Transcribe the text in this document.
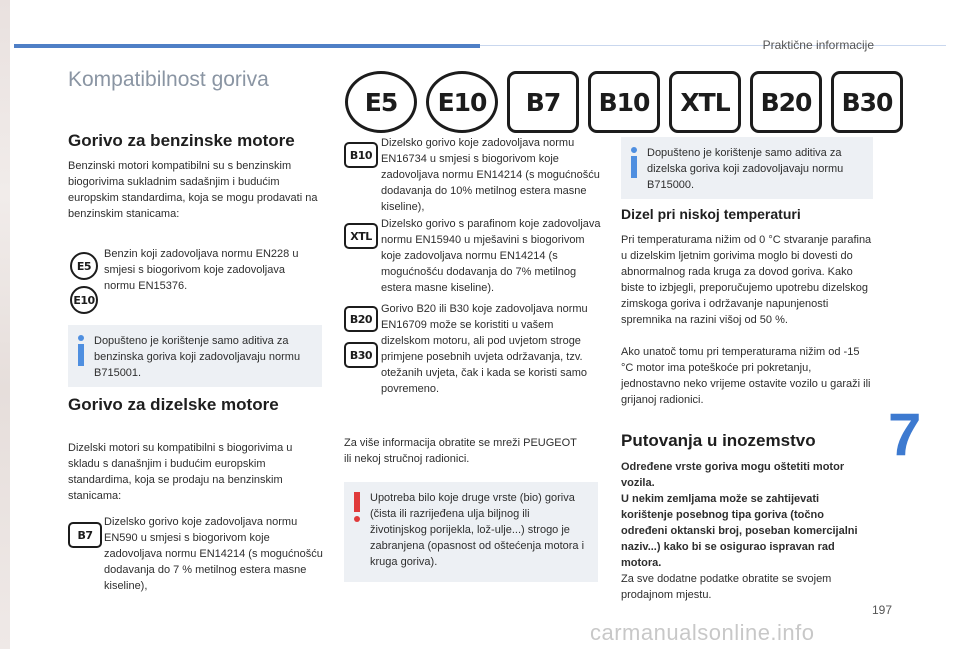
Praktične informacije
Kompatibilnost goriva
E5	E10	B7	B10	XTL	B20	B30
Gorivo za benzinske motore
Benzinski motori kompatibilni su s benzinskim biogorivima sukladnim sadašnjim i budućim europskim standardima, koja se mogu prodavati na benzinskim stanicama:
E5
E10
Benzin koji zadovoljava normu EN228 u smjesi s biogorivom koje zadovoljava normu EN15376.
Dopušteno je korištenje samo aditiva za benzinska goriva koji zadovoljavaju normu B715001.
Gorivo za dizelske motore
Dizelski motori su kompatibilni s biogorivima u skladu s današnjim i budućim europskim standardima, koja se prodaju na benzinskim stanicama:
B7
Dizelsko gorivo koje zadovoljava normu EN590 u smjesi s biogorivom koje zadovoljava normu EN14214 (s mogućnošću dodavanja do 7 % metilnog estera masne kiseline),
B10
Dizelsko gorivo koje zadovoljava normu EN16734 u smjesi s biogorivom koje zadovoljava normu EN14214 (s mogućnošću dodavanja do 10% metilnog estera masne kiseline),
XTL
Dizelsko gorivo s parafinom koje zadovoljava normu EN15940 u mješavini s biogorivom koje zadovoljava normu EN14214 (s mogućnošću dodavanja do 7% metilnog estera masne kiseline).
B20
B30
Gorivo B20 ili B30 koje zadovoljava normu EN16709 može se koristiti u vašem dizelskom motoru, ali pod uvjetom stroge primjene posebnih uvjeta održavanja, tzv. otežanih uvjeta, čak i kada se koristi samo povremeno.
Za više informacija obratite se mreži PEUGEOT ili nekoj stručnoj radionici.
Upotreba bilo koje druge vrste (bio) goriva (čista ili razrijeđena ulja biljnog ili životinjskog porijekla, lož-ulje...) strogo je zabranjena (opasnost od oštećenja motora i kruga goriva).
Dopušteno je korištenje samo aditiva za dizelska goriva koji zadovoljavaju normu B715000.
Dizel pri niskoj temperaturi
Pri temperaturama nižim od 0 °C stvaranje parafina u dizelskim ljetnim gorivima moglo bi dovesti do abnormalnog rada kruga za dovod goriva. Kako biste to izbjegli, preporučujemo upotrebu dizelskog zimskoga goriva i održavanje napunjenosti spremnika na razini višoj od 50 %.
Ako unatoč tomu pri temperaturama nižim od -15 °C motor ima poteškoće pri pokretanju, jednostavno neko vrijeme ostavite vozilo u garaži ili grijanoj radionici.
Putovanja u inozemstvo
Određene vrste goriva mogu oštetiti motor vozila.
U nekim zemljama može se zahtijevati korištenje posebnog tipa goriva (točno određeni oktanski broj, poseban komercijalni naziv...) kako bi se osigurao ispravan rad motora.
Za sve dodatne podatke obratite se svojem prodajnom mjestu.
7
197
carmanualsonline.info
